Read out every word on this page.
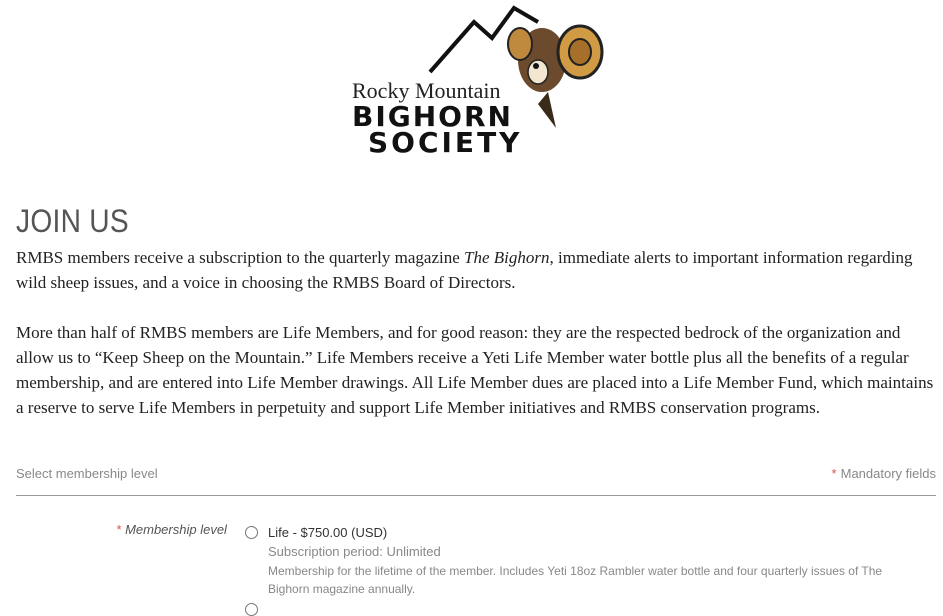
Rocky Mountain
BIGHORN
SOCIETY
JOIN US

RMBS members receive a subscription to the quarterly magazine The Bighorn, immediate alerts to important information regarding wild sheep issues, and a voice in choosing the RMBS Board of Directors.

More than half of RMBS members are Life Members, and for good reason: they are the respected bedrock of the organization and allow us to “Keep Sheep on the Mountain.” Life Members receive a Yeti Life Member water bottle plus all the benefits of a regular membership, and are entered into Life Member drawings. All Life Member dues are placed into a Life Member Fund, which maintains a reserve to serve Life Members in perpetuity and support Life Member initiatives and RMBS conservation programs.

Select membership level	* Mandatory fields
* Membership level	Life - $750.00 (USD)
Subscription period: Unlimited
Membership for the lifetime of the member. Includes Yeti 18oz Rambler water bottle and four quarterly issues of The Bighorn magazine annually.
